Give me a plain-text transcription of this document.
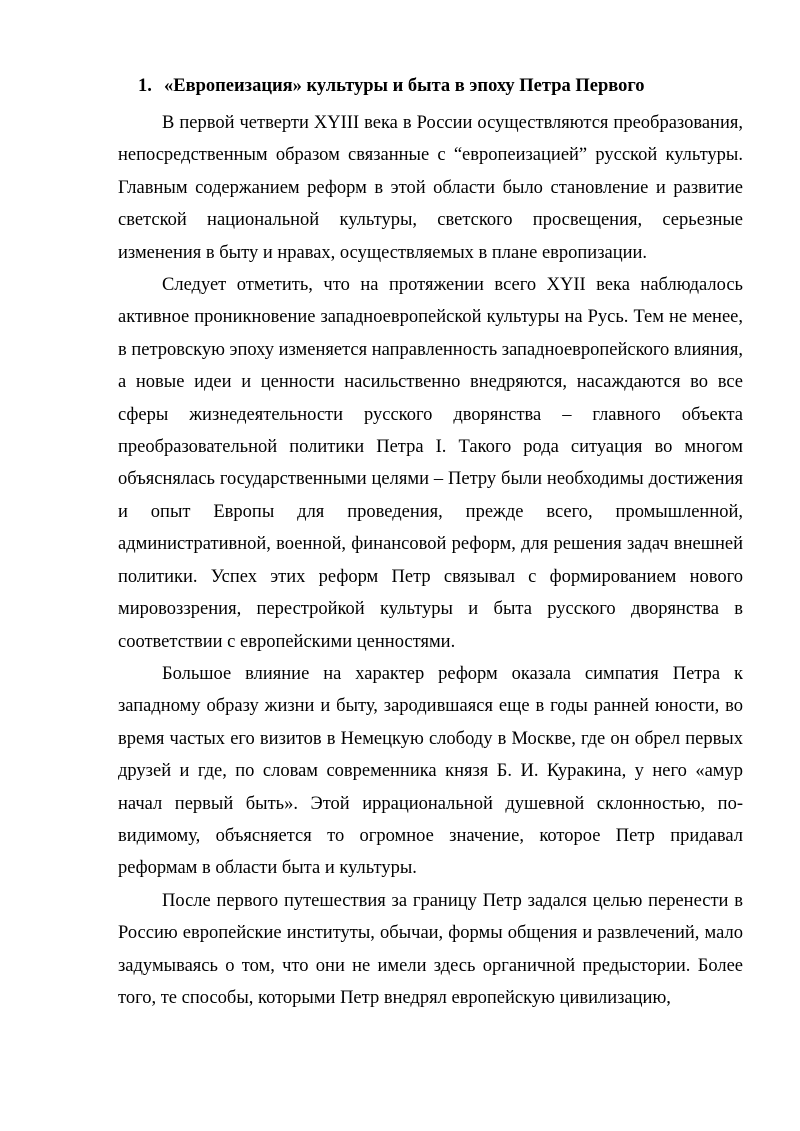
1. «Европеизация» культуры и быта в эпоху Петра Первого

В первой четверти XYIII века в России осуществляются преобразования, непосредственным образом связанные с “европеизацией” русской культуры. Главным содержанием реформ в этой области было становление и развитие светской национальной культуры, светского просвещения, серьезные изменения в быту и нравах, осуществляемых в плане европизации.

Следует отметить, что на протяжении всего XYII века наблюдалось активное проникновение западноевропейской культуры на Русь. Тем не менее, в петровскую эпоху изменяется направленность западноевропейского влияния, а новые идеи и ценности насильственно внедряются, насаждаются во все сферы жизнедеятельности русского дворянства – главного объекта преобразовательной политики Петра I. Такого рода ситуация во многом объяснялась государственными целями – Петру были необходимы достижения и опыт Европы для проведения, прежде всего, промышленной, административной, военной, финансовой реформ, для решения задач внешней политики. Успех этих реформ Петр связывал с формированием нового мировоззрения, перестройкой культуры и быта русского дворянства в соответствии с европейскими ценностями.

Большое влияние на характер реформ оказала симпатия Петра к западному образу жизни и быту, зародившаяся еще в годы ранней юности, во время частых его визитов в Немецкую слободу в Москве, где он обрел первых друзей и где, по словам современника князя Б. И. Куракина, у него «амур начал первый быть». Этой иррациональной душевной склонностью, по-видимому, объясняется то огромное значение, которое Петр придавал реформам в области быта и культуры.

После первого путешествия за границу Петр задался целью перенести в Россию европейские институты, обычаи, формы общения и развлечений, мало задумываясь о том, что они не имели здесь органичной предыстории. Более того, те способы, которыми Петр внедрял европейскую цивилизацию,
